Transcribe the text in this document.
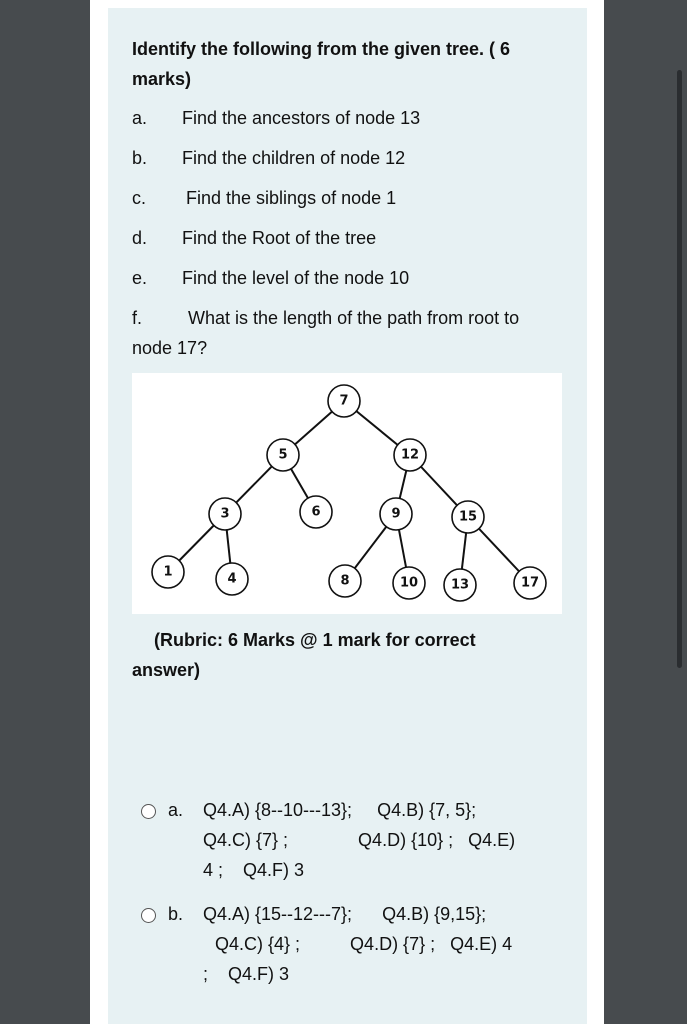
Identify the following from the given tree. ( 6 marks)
a. Find the ancestors of node 13
b. Find the children of node 12
c. Find the siblings of node 1
d. Find the Root of the tree
e. Find the level of the node 10
f.	What is the length of the path from root to
node 17?
7
5	12
3	6	9	15
1	4	8	10	13	17
(Rubric: 6 Marks @ 1 mark for correct
answer)
a. Q4.A) {8--10---13};     Q4.B) {7, 5};
Q4.C) {7} ;              Q4.D) {10} ;   Q4.E)
4 ;    Q4.F) 3
b. Q4.A) {15--12---7};      Q4.B) {9,15};
Q4.C) {4} ;          Q4.D) {7} ;   Q4.E) 4
;    Q4.F) 3
